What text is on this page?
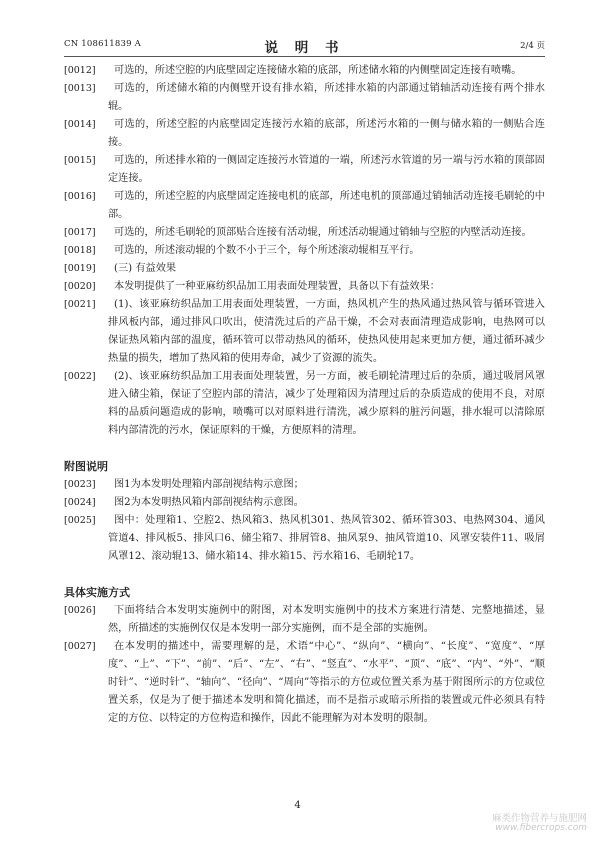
CN 108611839 A	说 明 书	2/4 页
[0012]	可选的，所述空腔的内底壁固定连接储水箱的底部，所述储水箱的内侧壁固定连接有喷嘴。
[0013]	可选的，所述储水箱的内侧壁开设有排水箱，所述排水箱的内部通过销轴活动连接有两个排水辊。
[0014]	可选的，所述空腔的内底壁固定连接污水箱的底部，所述污水箱的一侧与储水箱的一侧贴合连接。
[0015]	可选的，所述排水箱的一侧固定连接污水管道的一端，所述污水管道的另一端与污水箱的顶部固定连接。
[0016]	可选的，所述空腔的内底壁固定连接电机的底部，所述电机的顶部通过销轴活动连接毛刷轮的中部。
[0017]	可选的，所述毛刷轮的顶部贴合连接有活动辊，所述活动辊通过销轴与空腔的内壁活动连接。
[0018]	可选的，所述滚动辊的个数不小于三个，每个所述滚动辊相互平行。
[0019]	(三) 有益效果
[0020]	本发明提供了一种亚麻纺织品加工用表面处理装置，具备以下有益效果：
[0021]	(1)、该亚麻纺织品加工用表面处理装置，一方面，热风机产生的热风通过热风管与循环管进入排风板内部，通过排风口吹出，使清洗过后的产品干燥，不会对表面清理造成影响，电热网可以保证热风箱内部的温度，循环管可以带动热风的循环，使热风使用起来更加方便，通过循环减少热量的损失，增加了热风箱的使用寿命，减少了资源的流失。
[0022]	(2)、该亚麻纺织品加工用表面处理装置，另一方面，被毛刷轮清理过后的杂质，通过吸屑风罩进入储尘箱，保证了空腔内部的清洁，减少了处理箱因为清理过后的杂质造成的使用不良，对原料的品质问题造成的影响，喷嘴可以对原料进行清洗，减少原料的脏污问题，排水辊可以清除原料内部清洗的污水，保证原料的干燥，方便原料的清理。
附图说明
[0023]	图1为本发明处理箱内部剖视结构示意图；
[0024]	图2为本发明热风箱内部剖视结构示意图。
[0025]	图中：处理箱1、空腔2、热风箱3、热风机301、热风管302、循环管303、电热网304、通风管道4、排风板5、排风口6、储尘箱7、排屑管8、抽风泵9、抽风管道10、风罩安装件11、吸屑风罩12、滚动辊13、储水箱14、排水箱15、污水箱16、毛刷轮17。
具体实施方式
[0026]	下面将结合本发明实施例中的附图，对本发明实施例中的技术方案进行清楚、完整地描述，显然，所描述的实施例仅仅是本发明一部分实施例，而不是全部的实施例。
[0027]	在本发明的描述中，需要理解的是，术语“中心”、“纵向”、“横向”、“长度”、“宽度”、“厚度”、“上”、“下”、“前”、“后”、“左”、“右”、“竖直”、“水平”、“顶”、“底”、“内”、“外”、“顺时针”、“逆时针”、“轴向”、“径向”、“周向”等指示的方位或位置关系为基于附图所示的方位或位置关系，仅是为了便于描述本发明和简化描述，而不是指示或暗示所指的装置或元件必须具有特定的方位、以特定的方位构造和操作，因此不能理解为对本发明的限制。
4
麻类作物营养与施肥网
www.fibercrops.com
